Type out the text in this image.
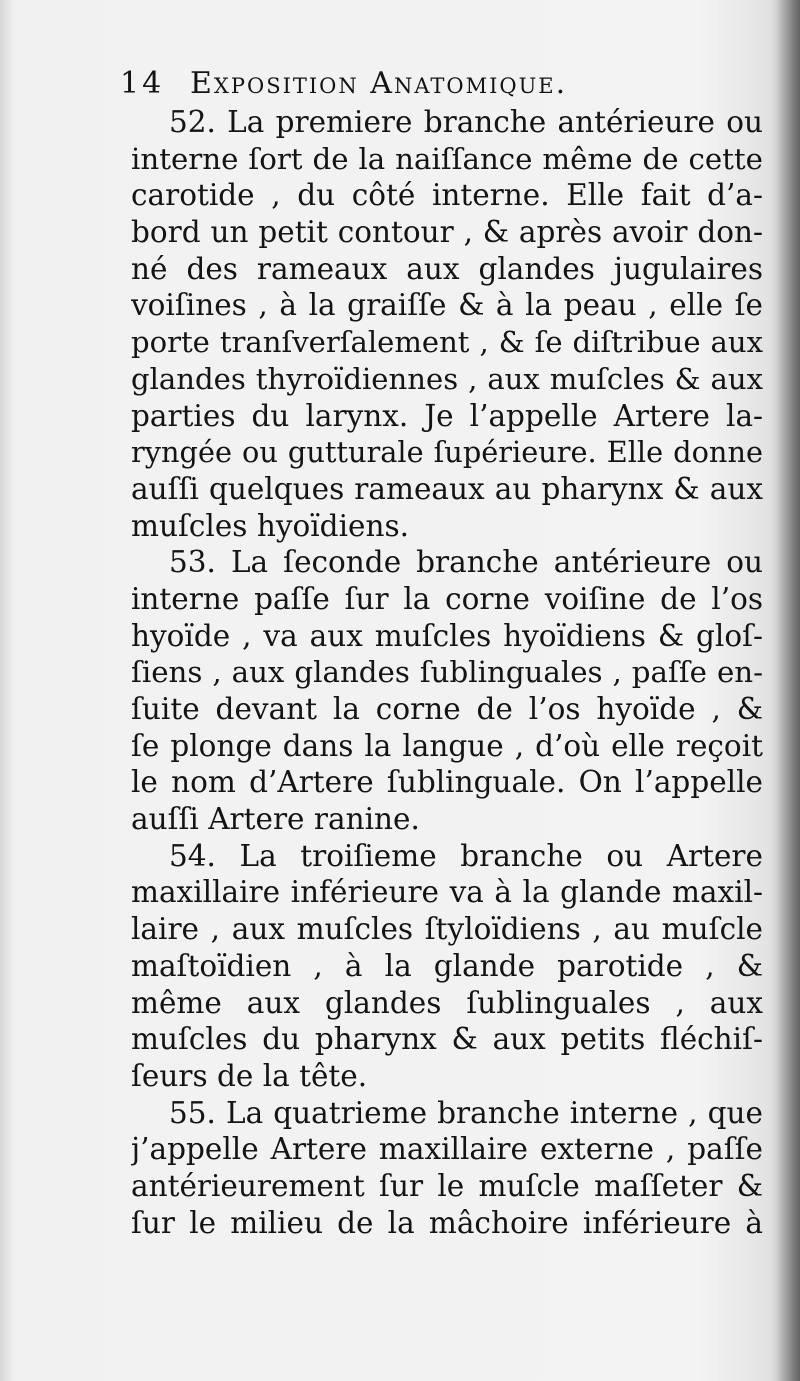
14 Exposition Anatomique.
52. La premiere branche antérieure ou
interne ſort de la naiſſance même de cette
carotide , du côté interne. Elle fait d’a-
bord un petit contour , & après avoir don-
né des rameaux aux glandes jugulaires
voiſines , à la graiſſe & à la peau , elle ſe
porte tranſverſalement , & ſe diſtribue aux
glandes thyroïdiennes , aux muſcles & aux
parties du larynx. Je l’appelle Artere la-
ryngée ou gutturale ſupérieure. Elle donne
auſſi quelques rameaux au pharynx & aux
muſcles hyoïdiens.
53. La ſeconde branche antérieure ou
interne paſſe ſur la corne voiſine de l’os
hyoïde , va aux muſcles hyoïdiens & gloſ-
ſiens , aux glandes ſublinguales , paſſe en-
ſuite devant la corne de l’os hyoïde , &
ſe plonge dans la langue , d’où elle reçoit
le nom d’Artere ſublinguale. On l’appelle
auſſi Artere ranine.
54. La troiſieme branche ou Artere
maxillaire inférieure va à la glande maxil-
laire , aux muſcles ſtyloïdiens , au muſcle
maſtoïdien , à la glande parotide , &
même aux glandes ſublinguales , aux
muſcles du pharynx & aux petits fléchiſ-
ſeurs de la tête.
55. La quatrieme branche interne , que
j’appelle Artere maxillaire externe , paſſe
antérieurement ſur le muſcle maſſeter &
ſur le milieu de la mâchoire inférieure à
